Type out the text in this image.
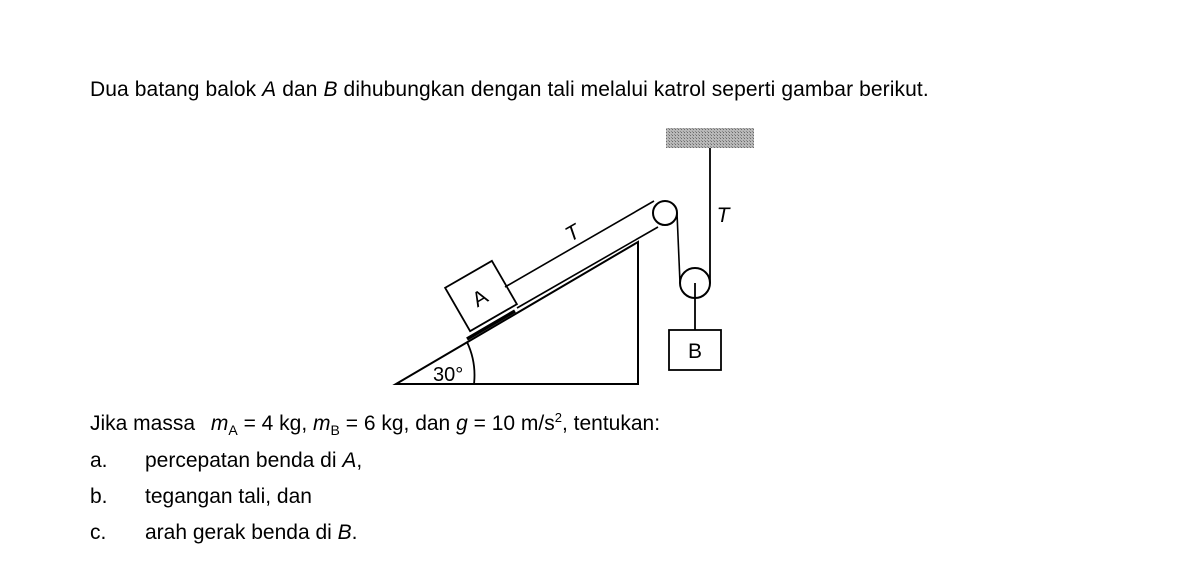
Dua batang balok A dan B dihubungkan dengan tali melalui katrol seperti gambar berikut.
A
B
30°
T
T
Jika massa $m_A = 4$ kg, $m_B = 6$ kg, dan g = 10 $m/s^2$, tentukan:
a. percepatan benda di A,
b. tegangan tali, dan
c. arah gerak benda di B.
